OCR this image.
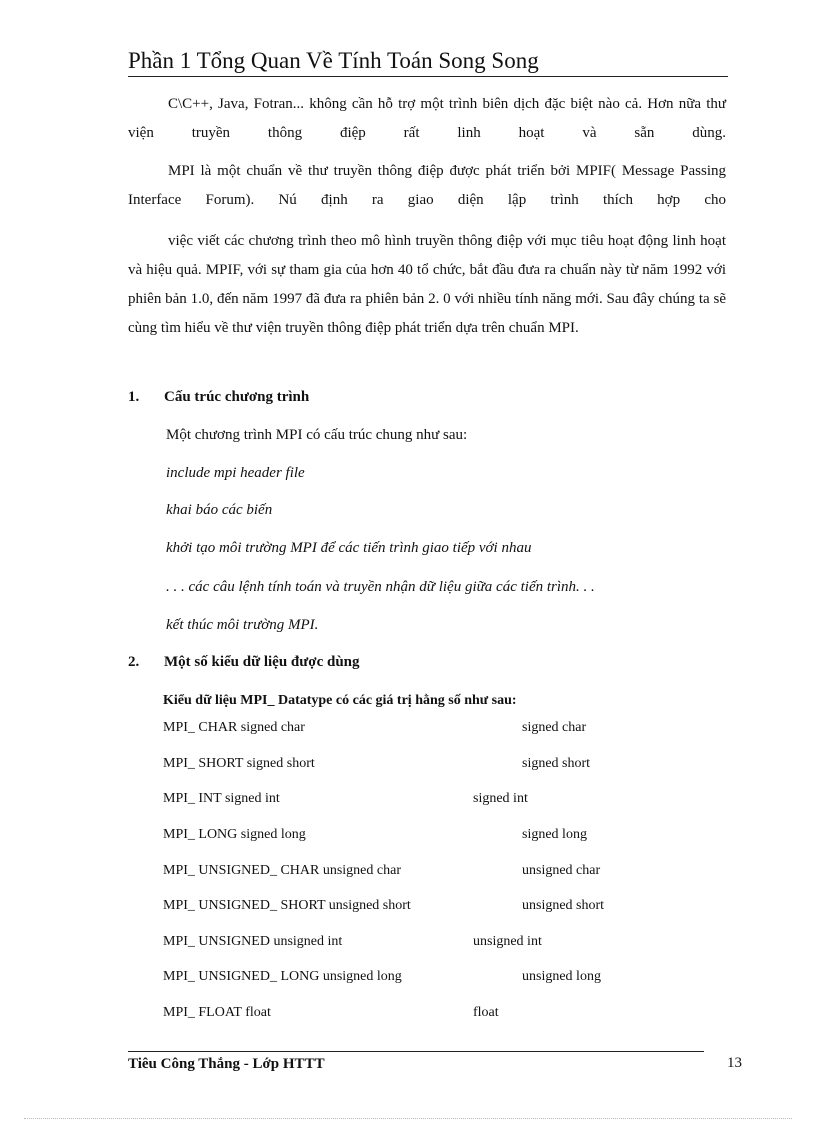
Phần 1 Tổng Quan Về Tính Toán Song Song
C\C++, Java, Fotran... không cần hỗ trợ một trình biên dịch đặc biệt nào cả. Hơn nữa thư viện truyền thông điệp rất linh hoạt và sẵn dùng.
MPI là một chuẩn về thư truyền thông điệp được phát triển bởi MPIF( Message Passing Interface Forum). Nú định ra giao diện lập trình thích hợp cho
việc viết các chương trình theo mô hình truyền thông điệp với mục tiêu hoạt động linh hoạt và hiệu quả. MPIF, với sự tham gia của hơn 40 tổ chức, bắt đầu đưa ra chuẩn này từ năm 1992 với phiên bản 1.0, đến năm 1997 đã đưa ra phiên bản 2. 0 với nhiều tính năng mới. Sau đây chúng ta sẽ cùng tìm hiểu về thư viện truyền thông điệp phát triển dựa trên chuẩn MPI.
1. Cấu trúc chương trình
Một chương trình MPI có cấu trúc chung như sau:
include mpi header file
khai báo các biến
khởi tạo môi trường MPI để các tiến trình giao tiếp với nhau
. . . các câu lệnh tính toán và truyền nhận dữ liệu giữa các tiến trình. . .
kết thúc môi trường MPI.
2. Một số kiểu dữ liệu được dùng
Kiểu dữ liệu MPI_ Datatype có các giá trị hằng số như sau:
MPI_ CHAR signed char	signed char
MPI_ SHORT signed short	signed short
MPI_ INT signed int	signed int
MPI_ LONG signed long	signed long
MPI_ UNSIGNED_ CHAR unsigned char	unsigned char
MPI_ UNSIGNED_ SHORT unsigned short	unsigned short
MPI_ UNSIGNED unsigned int	unsigned int
MPI_ UNSIGNED_ LONG unsigned long	unsigned long
MPI_ FLOAT float	float
Tiêu Công Thắng - Lớp HTTT	13
